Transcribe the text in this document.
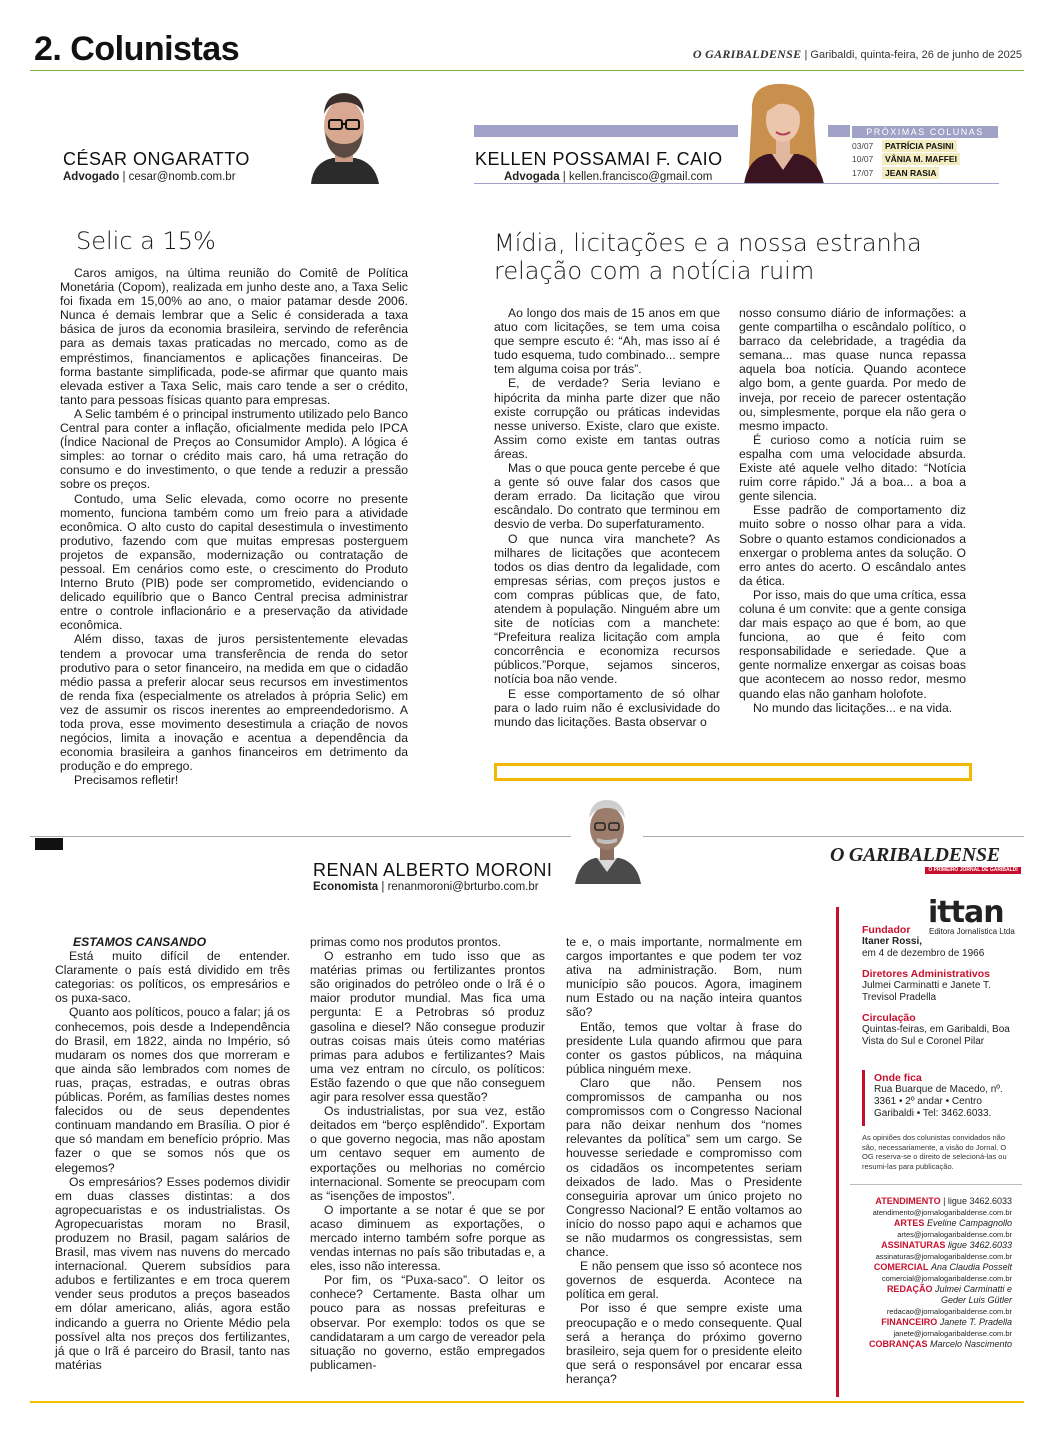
2. Colunistas	O GARIBALDENSE | Garibaldi, quinta-feira, 26 de junho de 2025
CÉSAR ONGARATTO
Advogado | cesar@nomb.com.br
KELLEN POSSAMAI F. CAIO
Advogada | kellen.francisco@gmail.com
PRÓXIMAS COLUNAS
03/07	PATRÍCIA PASINI
10/07	VÂNIA M. MAFFEI
17/07	JEAN RASIA
Selic a 15%

Caros amigos, na última reunião do Comitê de Política Monetária (Copom), realizada em junho deste ano, a Taxa Selic foi fixada em 15,00% ao ano, o maior patamar desde 2006. Nunca é demais lembrar que a Selic é considerada a taxa básica de juros da economia brasileira, servindo de referência para as demais taxas praticadas no mercado, como as de empréstimos, financiamentos e aplicações financeiras. De forma bastante simplificada, pode-se afirmar que quanto mais elevada estiver a Taxa Selic, mais caro tende a ser o crédito, tanto para pessoas físicas quanto para empresas.

A Selic também é o principal instrumento utilizado pelo Banco Central para conter a inflação, oficialmente medida pelo IPCA (Índice Nacional de Preços ao Consumidor Amplo). A lógica é simples: ao tornar o crédito mais caro, há uma retração do consumo e do investimento, o que tende a reduzir a pressão sobre os preços.

Contudo, uma Selic elevada, como ocorre no presente momento, funciona também como um freio para a atividade econômica. O alto custo do capital desestimula o investimento produtivo, fazendo com que muitas empresas posterguem projetos de expansão, modernização ou contratação de pessoal. Em cenários como este, o crescimento do Produto Interno Bruto (PIB) pode ser comprometido, evidenciando o delicado equilíbrio que o Banco Central precisa administrar entre o controle inflacionário e a preservação da atividade econômica.

Além disso, taxas de juros persistentemente elevadas tendem a provocar uma transferência de renda do setor produtivo para o setor financeiro, na medida em que o cidadão médio passa a preferir alocar seus recursos em investimentos de renda fixa (especialmente os atrelados à própria Selic) em vez de assumir os riscos inerentes ao empreendedorismo. A toda prova, esse movimento desestimula a criação de novos negócios, limita a inovação e acentua a dependência da economia brasileira a ganhos financeiros em detrimento da produção e do emprego.

Precisamos refletir!

Mídia, licitações e a nossa estranha
relação com a notícia ruim

Ao longo dos mais de 15 anos em que atuo com licitações, se tem uma coisa que sempre escuto é: “Ah, mas isso aí é tudo esquema, tudo combinado... sempre tem alguma coisa por trás”.

E, de verdade? Seria leviano e hipócrita da minha parte dizer que não existe corrupção ou práticas indevidas nesse universo. Existe, claro que existe. Assim como existe em tantas outras áreas.

Mas o que pouca gente percebe é que a gente só ouve falar dos casos que deram errado. Da licitação que virou escândalo. Do contrato que terminou em desvio de verba. Do superfaturamento.

O que nunca vira manchete? As milhares de licitações que acontecem todos os dias dentro da legalidade, com empresas sérias, com preços justos e com compras públicas que, de fato, atendem à população. Ninguém abre um site de notícias com a manchete: “Prefeitura realiza licitação com ampla concorrência e economiza recursos públicos.”Porque, sejamos sinceros, notícia boa não vende.

E esse comportamento de só olhar para o lado ruim não é exclusividade do mundo das licitações. Basta observar o

nosso consumo diário de informações: a gente compartilha o escândalo político, o barraco da celebridade, a tragédia da semana... mas quase nunca repassa aquela boa notícia. Quando acontece algo bom, a gente guarda. Por medo de inveja, por receio de parecer ostentação ou, simplesmente, porque ela não gera o mesmo impacto.

É curioso como a notícia ruim se espalha com uma velocidade absurda. Existe até aquele velho ditado: “Notícia ruim corre rápido.” Já a boa... a boa a gente silencia.

Esse padrão de comportamento diz muito sobre o nosso olhar para a vida. Sobre o quanto estamos condicionados a enxergar o problema antes da solução. O erro antes do acerto. O escândalo antes da ética.

Por isso, mais do que uma crítica, essa coluna é um convite: que a gente consiga dar mais espaço ao que é bom, ao que funciona, ao que é feito com responsabilidade e seriedade. Que a gente normalize enxergar as coisas boas que acontecem ao nosso redor, mesmo quando elas não ganham holofote.

No mundo das licitações... e na vida.

RENAN ALBERTO MORONI
Economista | renanmoroni@brturbo.com.br
ESTAMOS CANSANDO

Está muito difícil de entender. Claramente o país está dividido em três categorias: os políticos, os empresários e os puxa-saco.

Quanto aos políticos, pouco a falar; já os conhecemos, pois desde a Independência do Brasil, em 1822, ainda no Império, só mudaram os nomes dos que morreram e que ainda são lembrados com nomes de ruas, praças, estradas, e outras obras públicas. Porém, as famílias destes nomes falecidos ou de seus dependentes continuam mandando em Brasília. O pior é que só mandam em benefício próprio. Mas fazer o que se somos nós que os elegemos?

Os empresários? Esses podemos dividir em duas classes distintas: a dos agropecuaristas e os industrialistas. Os Agropecuaristas moram no Brasil, produzem no Brasil, pagam salários de Brasil, mas vivem nas nuvens do mercado internacional. Querem subsídios para adubos e fertilizantes e em troca querem vender seus produtos a preços baseados em dólar americano, aliás, agora estão indicando a guerra no Oriente Médio pela possível alta nos preços dos fertilizantes, já que o Irã é parceiro do Brasil, tanto nas matérias

primas como nos produtos prontos.

O estranho em tudo isso que as matérias primas ou fertilizantes prontos são originados do petróleo onde o Irã é o maior produtor mundial. Mas fica uma pergunta: E a Petrobras só produz gasolina e diesel? Não consegue produzir outras coisas mais úteis como matérias primas para adubos e fertilizantes? Mais uma vez entram no círculo, os políticos: Estão fazendo o que que não conseguem agir para resolver essa questão?

Os industrialistas, por sua vez, estão deitados em “berço esplêndido”. Exportam o que governo negocia, mas não apostam um centavo sequer em aumento de exportações ou melhorias no comércio internacional. Somente se preocupam com as “isenções de impostos”.

O importante a se notar é que se por acaso diminuem as exportações, o mercado interno também sofre porque as vendas internas no país são tributadas e, a eles, isso não interessa.

Por fim, os “Puxa-saco”. O leitor os conhece? Certamente. Basta olhar um pouco para as nossas prefeituras e observar. Por exemplo: todos os que se candidataram a um cargo de vereador pela situação no governo, estão empregados publicamen-

te e, o mais importante, normalmente em cargos importantes e que podem ter voz ativa na administração. Bom, num município são poucos. Agora, imaginem num Estado ou na nação inteira quantos são?

Então, temos que voltar à frase do presidente Lula quando afirmou que para conter os gastos públicos, na máquina pública ninguém mexe.

Claro que não. Pensem nos compromissos de campanha ou nos compromissos com o Congresso Nacional para não deixar nenhum dos “nomes relevantes da política” sem um cargo. Se houvesse seriedade e compromisso com os cidadãos os incompetentes seriam deixados de lado. Mas o Presidente conseguiria aprovar um único projeto no Congresso Nacional? E então voltamos ao início do nosso papo aqui e achamos que se não mudarmos os congressistas, sem chance.

E não pensem que isso só acontece nos governos de esquerda. Acontece na política em geral.

Por isso é que sempre existe uma preocupação e o medo consequente. Qual será a herança do próximo governo brasileiro, seja quem for o presidente eleito que será o responsável por encarar essa herança?

O GARIBALDENSE
O PRIMEIRO JORNAL DE GARIBALDI
ittan
Editora Jornalística Ltda
Fundador
Itaner Rossi,
em 4 de dezembro de 1966
Diretores Administrativos
Julmei Carminatti e Janete T. Trevisol Pradella
Circulação
Quintas-feiras, em Garibaldi, Boa Vista do Sul e Coronel Pilar
Onde fica
Rua Buarque de Macedo, nº. 3361 • 2º andar • Centro Garibaldi • Tel: 3462.6033.
As opiniões dos colunistas convidados não são, necessariamente, a visão do Jornal. O OG reserva-se o direito de selecioná-las ou resumi-las para publicação.
ATENDIMENTO | ligue 3462.6033
atendimento@jornalogaribaldense.com.br
ARTES Eveline Campagnollo
artes@jornalogaribaldense.com.br
ASSINATURAS ligue 3462.6033
assinaturas@jornalogaribaldense.com.br
COMERCIAL Ana Claudia Posselt
comercial@jornalogaribaldense.com.br
REDAÇÃO Julmei Carminatti e
Geder Luis Gütler
redacao@jornalogaribaldense.com.br
FINANCEIRO Janete T. Pradella
janete@jornalogaribaldense.com.br
COBRANÇAS Marcelo Nascimento
